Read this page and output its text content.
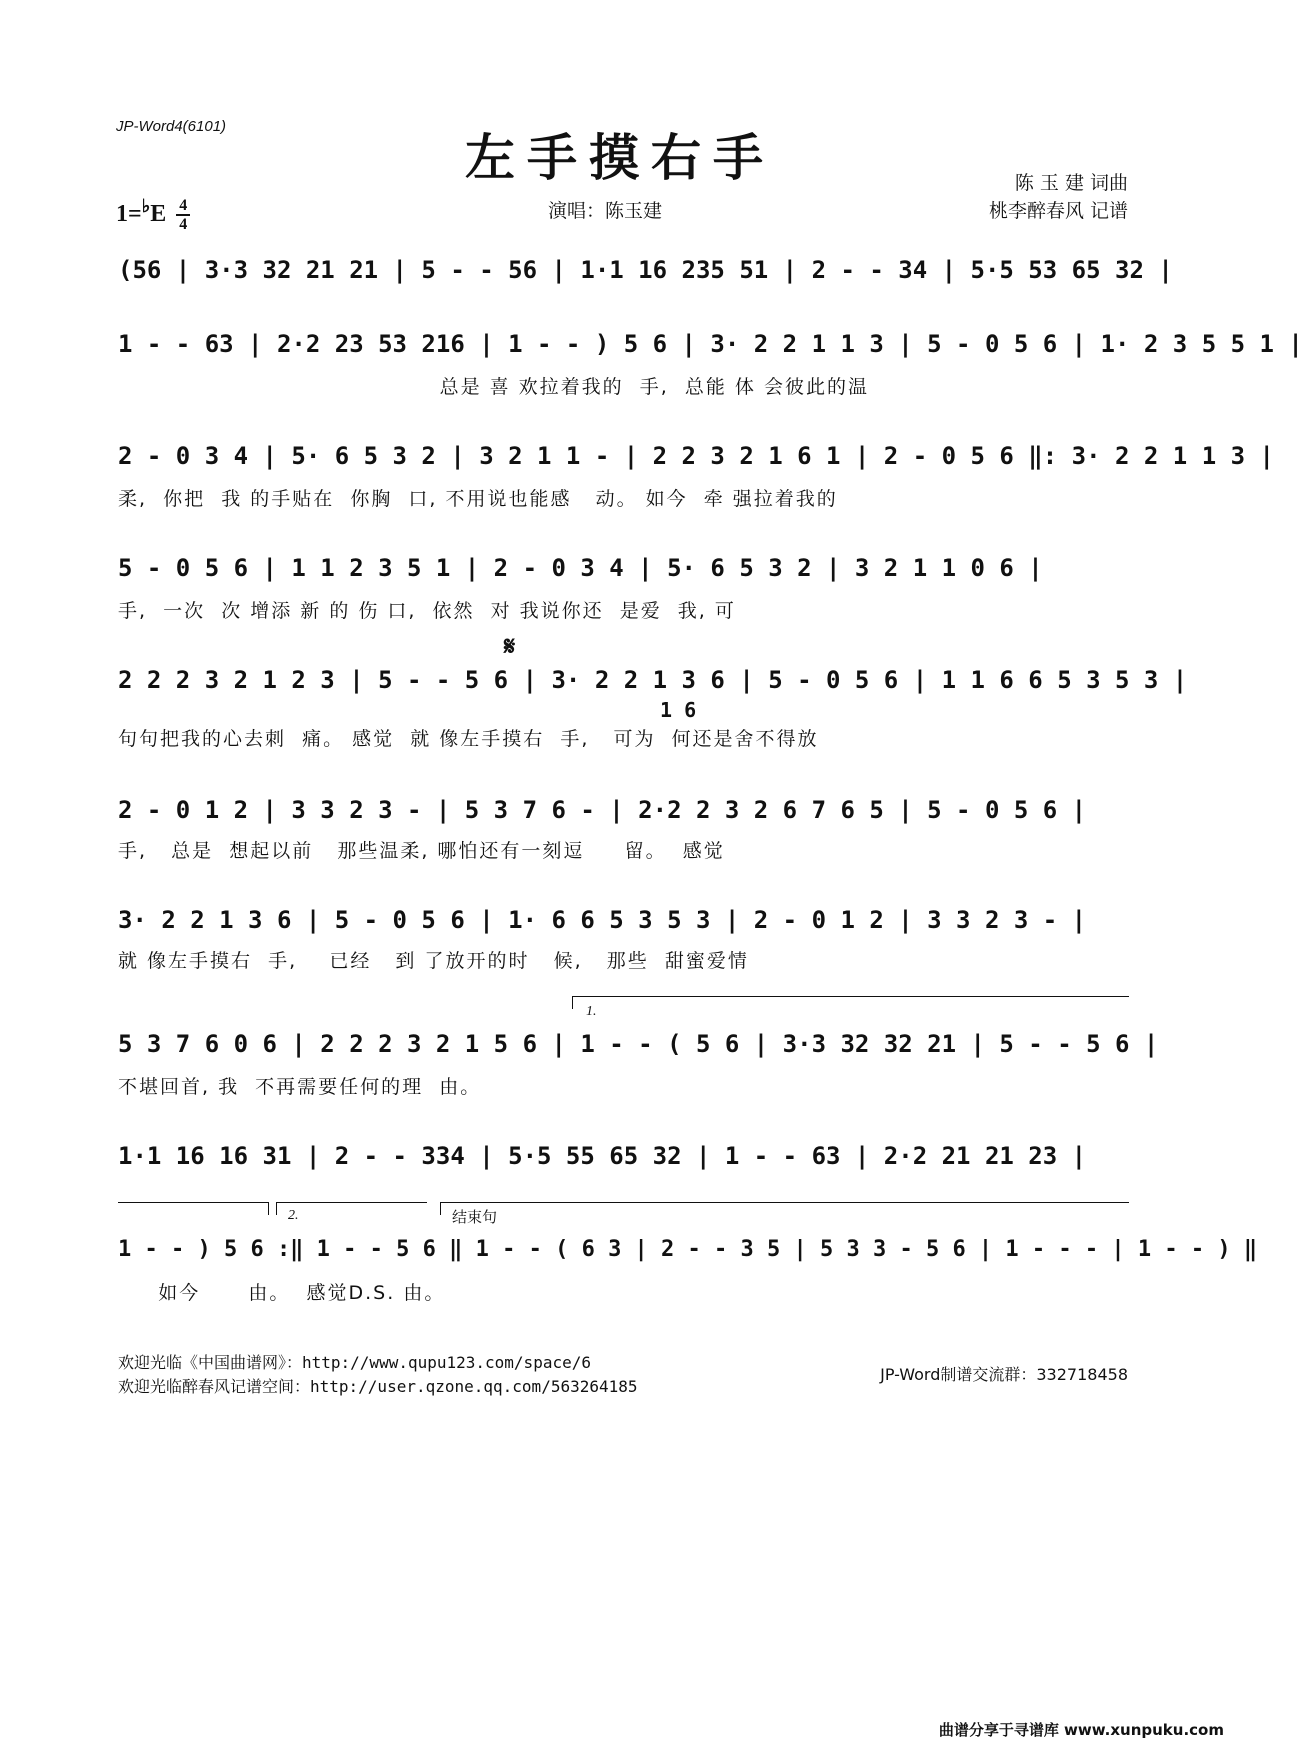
JP-Word4(6101)
左手摸右手	陈 玉 建 词曲
桃李醉春风 记谱
$1=^♭E \frac{4}{4}$	演唱：陈玉建
(56 | 3·3 32 21 21 | 5 - - 56 | 1·1 16 235 51 | 2 - - 34 | 5·5 53 65 32 |
1 - - 63 | 2·2 23 53 216 | 1 - - ) 5 6 | 3· 2 2 1 1 3 | 5 - 0 5 6 | 1· 2 3 5 5 1 |
总是 喜 欢拉着我的  手,  总能 体 会彼此的温
2 - 0 3 4 | 5· 6 5 3 2 | 3 2 1 1 - | 2 2 3 2 1 6 1 | 2 - 0 5 6 ‖: 3· 2 2 1 1 3 |
柔,  你把  我 的手贴在  你胸  口, 不用说也能感   动。 如今  牵 强拉着我的
5 - 0 5 6 | 1 1 2 3 5 1 | 2 - 0 3 4 | 5· 6 5 3 2 | 3 2 1 1 0 6 |
手,  一次  次 增添 新 的 伤 口,  依然  对 我说你还  是爱  我, 可
𝄋
2 2 2 3 2 1 2 3 | 5 - - 5 6 | 3· 2 2 1 3 6 | 5 - 0 5 6 | 1 1 6 6 5 3 5 3 |
1 6
句句把我的心去刺  痛。 感觉  就 像左手摸右  手,   可为  何还是舍不得放
2 - 0 1 2 | 3 3 2 3 - | 5 3 7 6 - | 2·2 2 3 2 6 7 6 5 | 5 - 0 5 6 |
手,   总是  想起以前   那些温柔, 哪怕还有一刻逗     留。  感觉
3· 2 2 1 3 6 | 5 - 0 5 6 | 1· 6 6 5 3 5 3 | 2 - 0 1 2 | 3 3 2 3 - |
就 像左手摸右  手,    已经   到 了放开的时   候,   那些  甜蜜爱情
1.
5 3 7 6 0 6 | 2 2 2 3 2 1 5 6 | 1 - - ( 5 6 | 3·3 32 32 21 | 5 - - 5 6 |
不堪回首, 我  不再需要任何的理  由。
1·1 16 16 31 | 2 - - 334 | 5·5 55 65 32 | 1 - - 63 | 2·2 21 21 23 |
2.	结束句
1 - - ) 5 6 :‖ 1 - - 5 6 ‖ 1 - - ( 6 3 | 2 - - 3 5 | 5 3 3 - 5 6 | 1 - - - | 1 - - ) ‖
如今      由。  感觉D.S. 由。
欢迎光临《中国曲谱网》：http://www.qupu123.com/space/6
欢迎光临醉春风记谱空间：http://user.qzone.qq.com/563264185
JP-Word制谱交流群：332718458
曲谱分享于寻谱库 www.xunpuku.com
